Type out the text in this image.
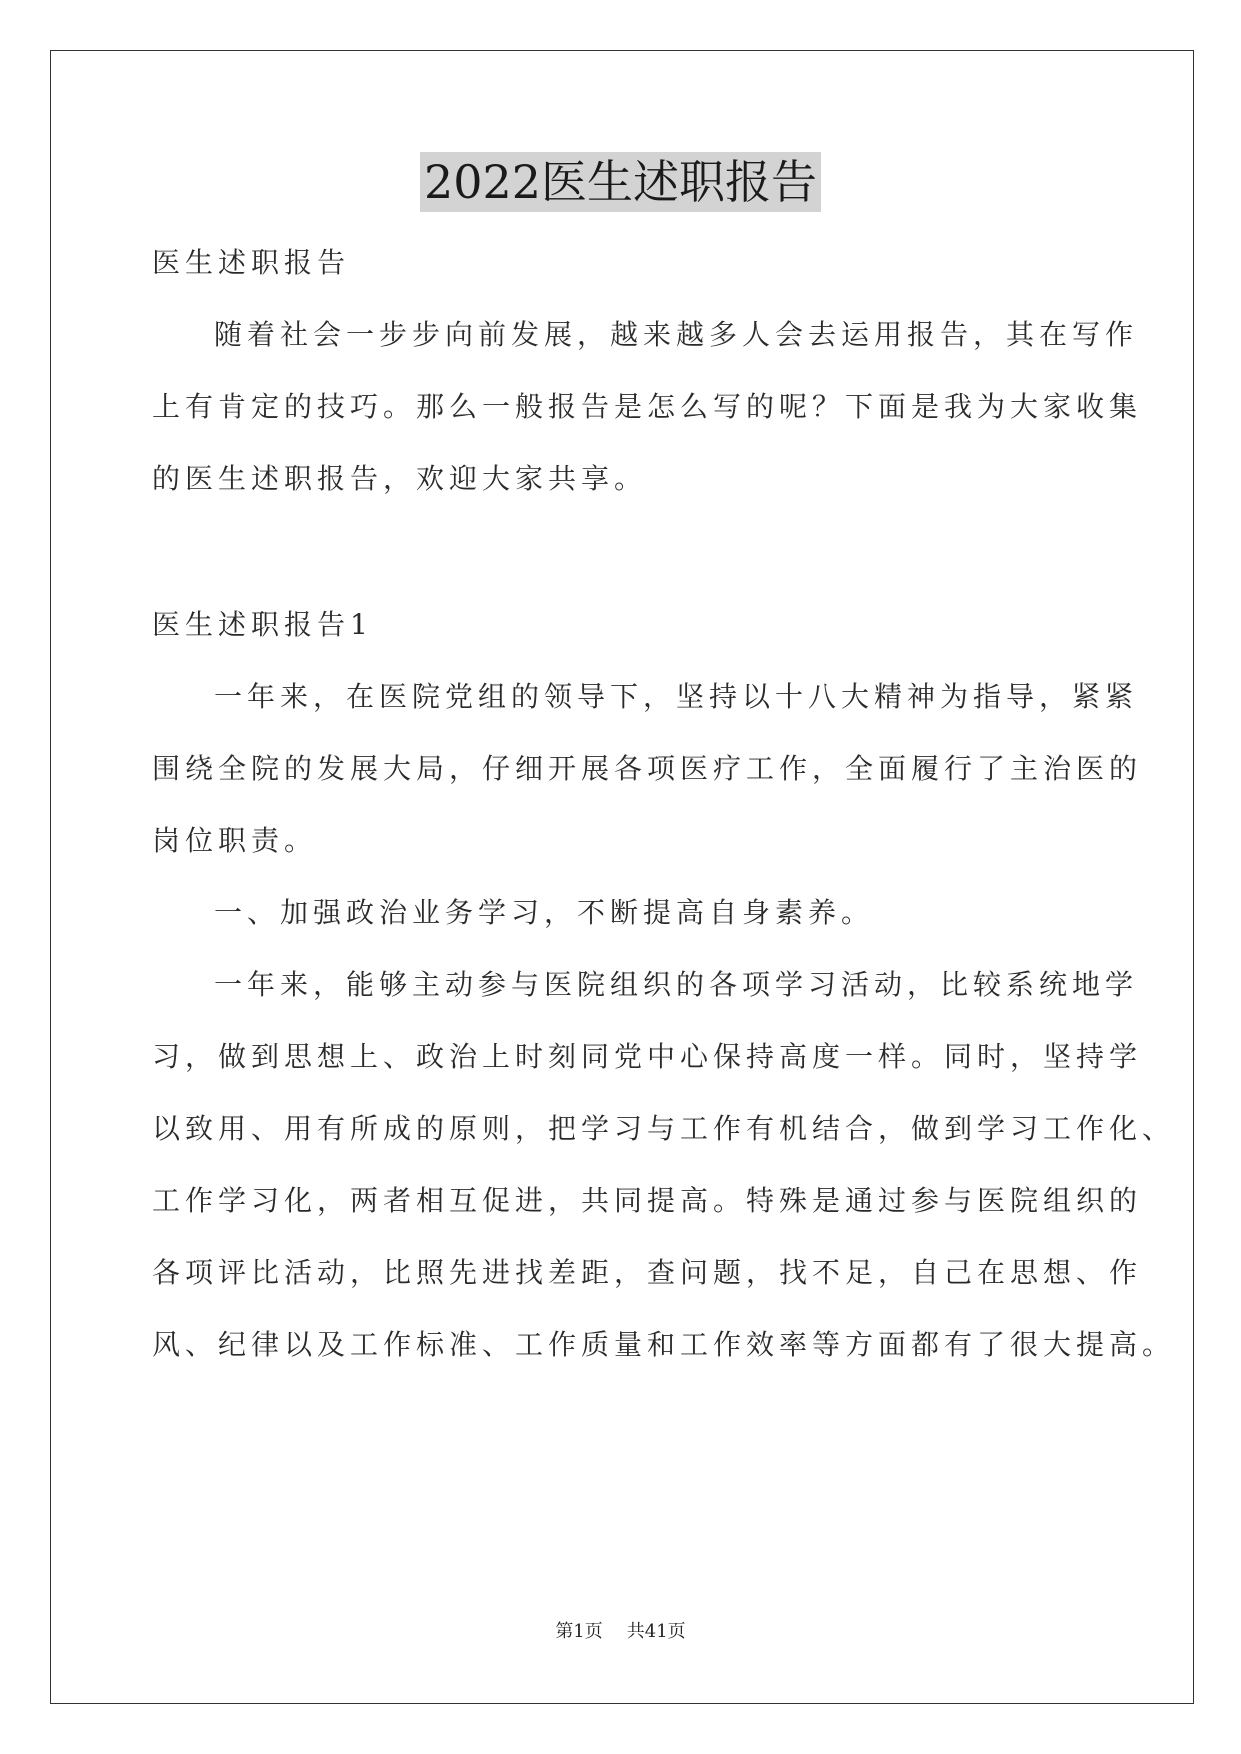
2022医生述职报告
医生述职报告
随着社会一步步向前发展，越来越多人会去运用报告，其在写作
上有肯定的技巧。那么一般报告是怎么写的呢？下面是我为大家收集
的医生述职报告，欢迎大家共享。
医生述职报告1
一年来，在医院党组的领导下，坚持以十八大精神为指导，紧紧
围绕全院的发展大局，仔细开展各项医疗工作，全面履行了主治医的
岗位职责。
一、加强政治业务学习，不断提高自身素养。
一年来，能够主动参与医院组织的各项学习活动，比较系统地学
习，做到思想上、政治上时刻同党中心保持高度一样。同时，坚持学
以致用、用有所成的原则，把学习与工作有机结合，做到学习工作化、
工作学习化，两者相互促进，共同提高。特殊是通过参与医院组织的
各项评比活动，比照先进找差距，查问题，找不足，自己在思想、作
风、纪律以及工作标准、工作质量和工作效率等方面都有了很大提高。
第1页 共41页
